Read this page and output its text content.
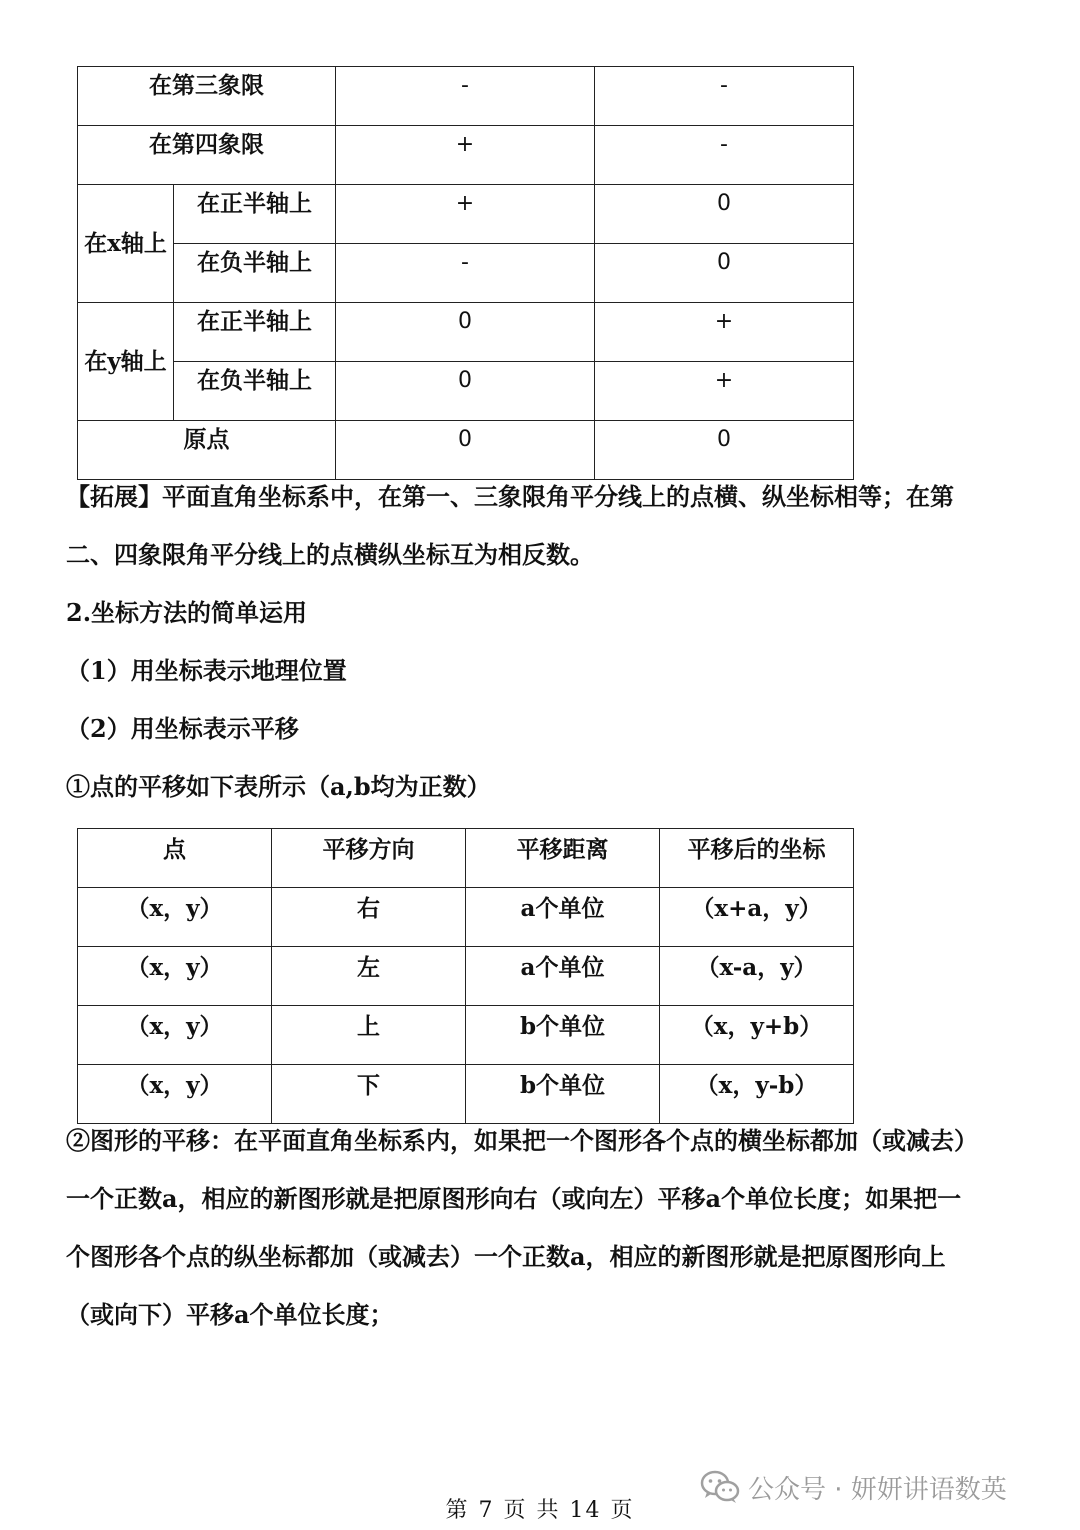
在第三象限		-	-
在第四象限		+	-
在x轴上	在正半轴上	+	0
	在负半轴上	-	0
在y轴上	在正半轴上	0	+
	在负半轴上	0	+
原点		0	0
【拓展】平面直角坐标系中，在第一、三象限角平分线上的点横、纵坐标相等；在第
二、四象限角平分线上的点横纵坐标互为相反数。
2.坐标方法的简单运用
（1）用坐标表示地理位置
（2）用坐标表示平移
①点的平移如下表所示（a,b均为正数）
点	平移方向	平移距离	平移后的坐标
（x，y）	右	a个单位	（x+a，y）
（x，y）	左	a个单位	（x-a，y）
（x，y）	上	b个单位	（x，y+b）
（x，y）	下	b个单位	（x，y-b）
②图形的平移：在平面直角坐标系内，如果把一个图形各个点的横坐标都加（或减去）
一个正数a，相应的新图形就是把原图形向右（或向左）平移a个单位长度；如果把一
个图形各个点的纵坐标都加（或减去）一个正数a，相应的新图形就是把原图形向上
（或向下）平移a个单位长度；
公众号 · 妍妍讲语数英
第 7 页 共 14 页
